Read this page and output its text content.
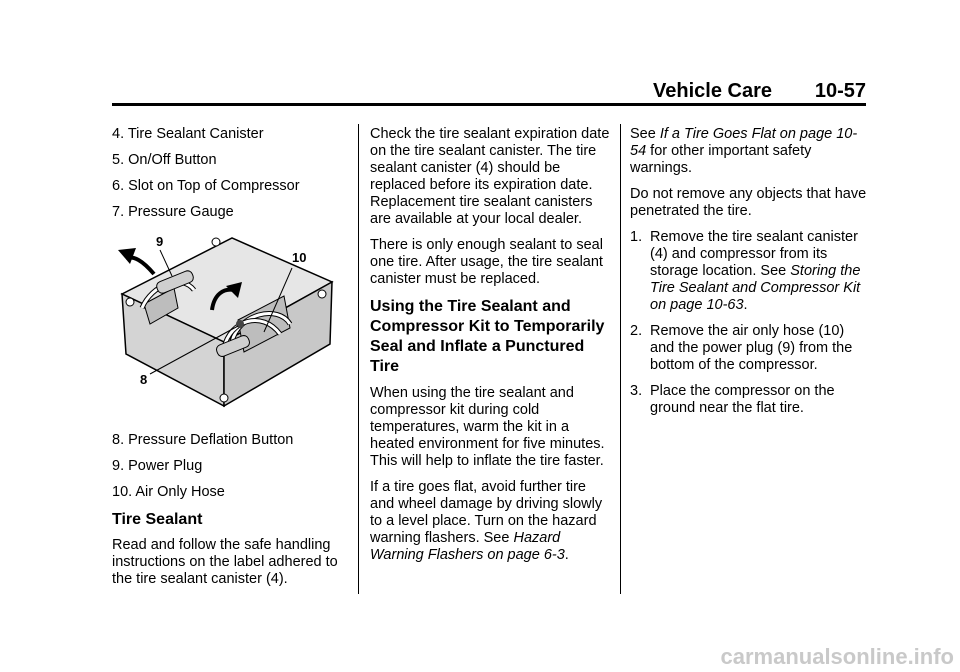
Vehicle Care 10-57
4. Tire Sealant Canister
5. On/Off Button
6. Slot on Top of Compressor
7. Pressure Gauge
9
10
8
8. Pressure Deflation Button
9. Power Plug
10. Air Only Hose
Tire Sealant

Read and follow the safe handling instructions on the label adhered to the tire sealant canister (4).

Check the tire sealant expiration date on the tire sealant canister. The tire sealant canister (4) should be replaced before its expiration date. Replacement tire sealant canisters are available at your local dealer.

There is only enough sealant to seal one tire. After usage, the tire sealant canister must be replaced.

Using the Tire Sealant and Compressor Kit to Temporarily Seal and Inflate a Punctured Tire

When using the tire sealant and compressor kit during cold temperatures, warm the kit in a heated environment for five minutes. This will help to inflate the tire faster.

If a tire goes flat, avoid further tire and wheel damage by driving slowly to a level place. Turn on the hazard warning flashers. See Hazard Warning Flashers on page 6-3.

See If a Tire Goes Flat on page 10-54 for other important safety warnings.

Do not remove any objects that have penetrated the tire.

1. Remove the tire sealant canister (4) and compressor from its storage location. See Storing the Tire Sealant and Compressor Kit on page 10-63.
2. Remove the air only hose (10) and the power plug (9) from the bottom of the compressor.
3. Place the compressor on the ground near the flat tire.
carmanualsonline.info
